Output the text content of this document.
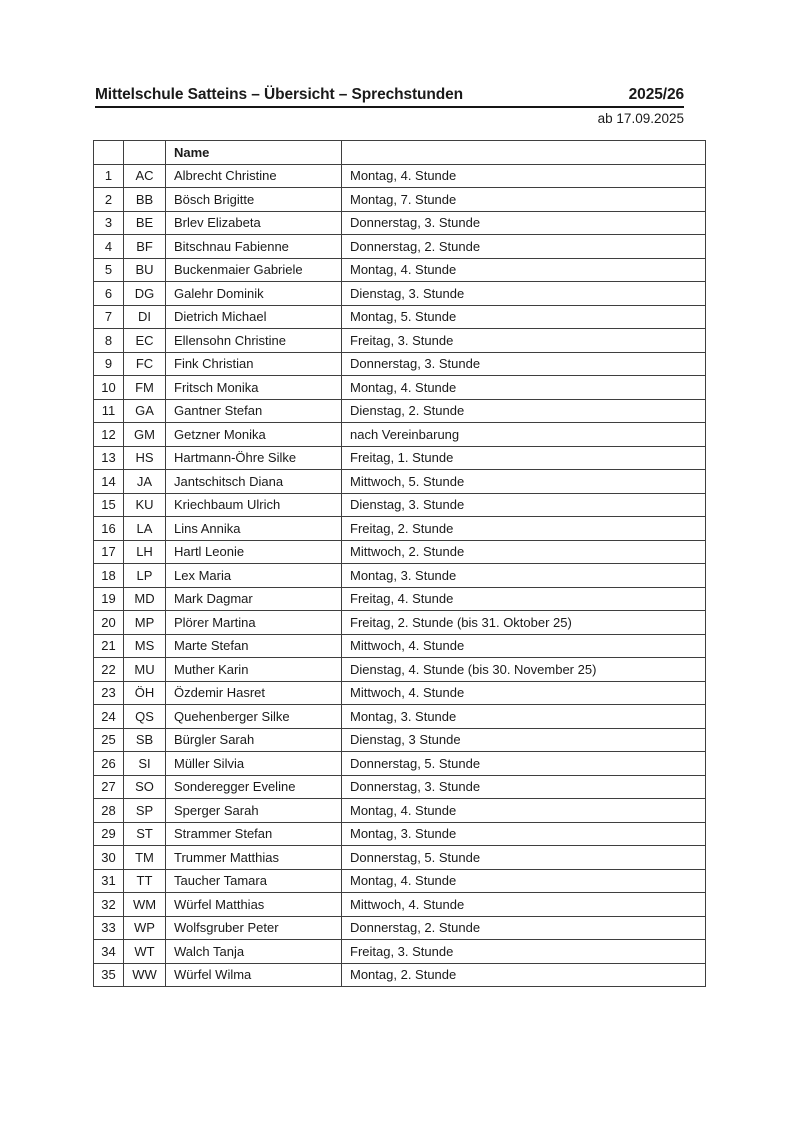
Mittelschule Satteins – Übersicht – Sprechstunden	2025/26
ab 17.09.2025
		Name	
1	AC	Albrecht Christine	Montag, 4. Stunde
2	BB	Bösch Brigitte	Montag, 7. Stunde
3	BE	Brlev Elizabeta	Donnerstag, 3. Stunde
4	BF	Bitschnau Fabienne	Donnerstag, 2. Stunde
5	BU	Buckenmaier Gabriele	Montag, 4. Stunde
6	DG	Galehr Dominik	Dienstag, 3. Stunde
7	DI	Dietrich Michael	Montag, 5. Stunde
8	EC	Ellensohn Christine	Freitag, 3. Stunde
9	FC	Fink Christian	Donnerstag, 3. Stunde
10	FM	Fritsch Monika	Montag, 4. Stunde
11	GA	Gantner Stefan	Dienstag, 2. Stunde
12	GM	Getzner Monika	nach Vereinbarung
13	HS	Hartmann-Öhre Silke	Freitag, 1. Stunde
14	JA	Jantschitsch Diana	Mittwoch, 5. Stunde
15	KU	Kriechbaum Ulrich	Dienstag, 3. Stunde
16	LA	Lins Annika	Freitag, 2. Stunde
17	LH	Hartl Leonie	Mittwoch, 2. Stunde
18	LP	Lex Maria	Montag, 3. Stunde
19	MD	Mark Dagmar	Freitag, 4. Stunde
20	MP	Plörer Martina	Freitag, 2. Stunde (bis 31. Oktober 25)
21	MS	Marte Stefan	Mittwoch, 4. Stunde
22	MU	Muther Karin	Dienstag, 4. Stunde (bis 30. November 25)
23	ÖH	Özdemir Hasret	Mittwoch, 4. Stunde
24	QS	Quehenberger Silke	Montag, 3. Stunde
25	SB	Bürgler Sarah	Dienstag, 3 Stunde
26	SI	Müller Silvia	Donnerstag, 5. Stunde
27	SO	Sonderegger Eveline	Donnerstag, 3. Stunde
28	SP	Sperger Sarah	Montag, 4. Stunde
29	ST	Strammer Stefan	Montag, 3. Stunde
30	TM	Trummer Matthias	Donnerstag, 5. Stunde
31	TT	Taucher Tamara	Montag, 4. Stunde
32	WM	Würfel Matthias	Mittwoch, 4. Stunde
33	WP	Wolfsgruber Peter	Donnerstag, 2. Stunde
34	WT	Walch Tanja	Freitag, 3. Stunde
35	WW	Würfel Wilma	Montag, 2. Stunde
